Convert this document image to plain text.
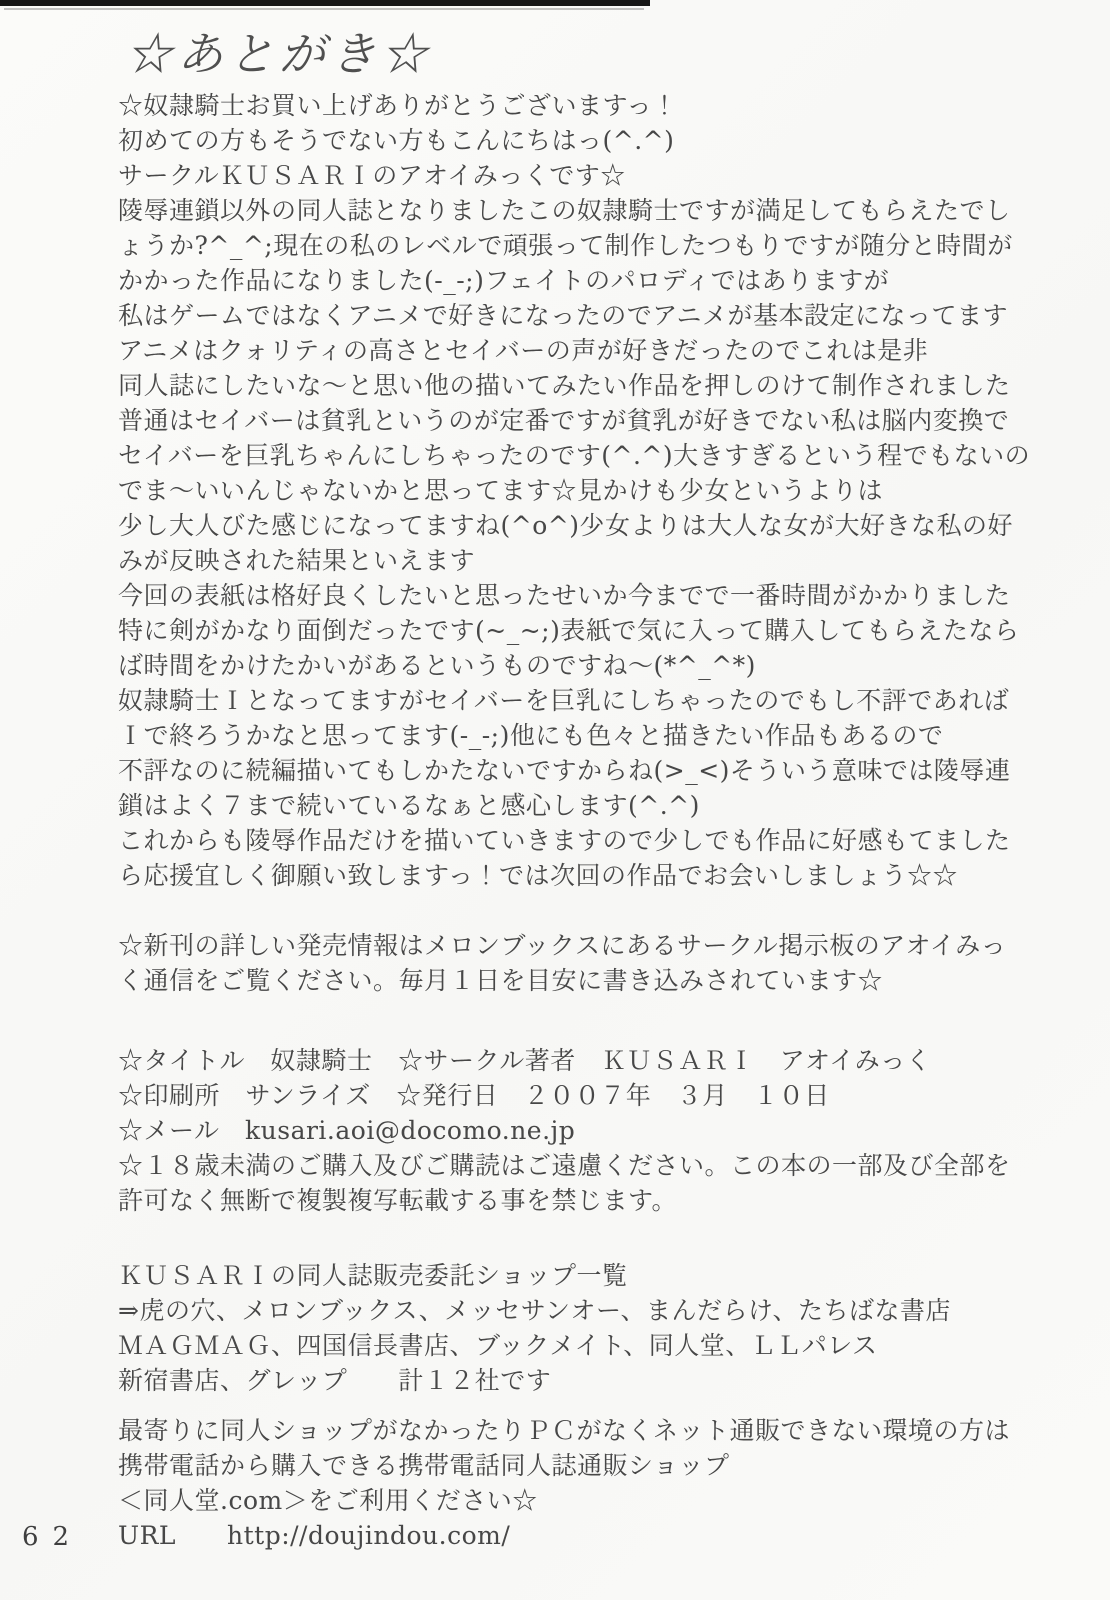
☆あとがき☆
☆奴隷騎士お買い上げありがとうございますっ！
初めての方もそうでない方もこんにちはっ(^.^)
サークルＫＵＳＡＲＩのアオイみっくです☆
陵辱連鎖以外の同人誌となりましたこの奴隷騎士ですが満足してもらえたでし
ょうか?^_^;現在の私のレベルで頑張って制作したつもりですが随分と時間が
かかった作品になりました(-_-;)フェイトのパロディではありますが
私はゲームではなくアニメで好きになったのでアニメが基本設定になってます
アニメはクォリティの高さとセイバーの声が好きだったのでこれは是非
同人誌にしたいな～と思い他の描いてみたい作品を押しのけて制作されました
普通はセイバーは貧乳というのが定番ですが貧乳が好きでない私は脳内変換で
セイバーを巨乳ちゃんにしちゃったのです(^.^)大きすぎるという程でもないの
でま～いいんじゃないかと思ってます☆見かけも少女というよりは
少し大人びた感じになってますね(^o^)少女よりは大人な女が大好きな私の好
みが反映された結果といえます
今回の表紙は格好良くしたいと思ったせいか今までで一番時間がかかりました
特に剣がかなり面倒だったです(~_~;)表紙で気に入って購入してもらえたなら
ば時間をかけたかいがあるというものですね～(*^_^*)
奴隷騎士Ｉとなってますがセイバーを巨乳にしちゃったのでもし不評であれば
Ｉで終ろうかなと思ってます(-_-;)他にも色々と描きたい作品もあるので
不評なのに続編描いてもしかたないですからね(>_<)そういう意味では陵辱連
鎖はよく７まで続いているなぁと感心します(^.^)
これからも陵辱作品だけを描いていきますので少しでも作品に好感もてました
ら応援宜しく御願い致しますっ！では次回の作品でお会いしましょう☆☆
☆新刊の詳しい発売情報はメロンブックスにあるサークル掲示板のアオイみっ
く通信をご覧ください。毎月１日を目安に書き込みされています☆
☆タイトル　奴隷騎士　☆サークル著者　ＫＵＳＡＲＩ　アオイみっく
☆印刷所　サンライズ　☆発行日　２００７年　３月　１０日
☆メール　kusari.aoi@docomo.ne.jp
☆１８歳未満のご購入及びご購読はご遠慮ください。この本の一部及び全部を
許可なく無断で複製複写転載する事を禁じます。
ＫＵＳＡＲＩの同人誌販売委託ショップ一覧
⇒虎の穴、メロンブックス、メッセサンオー、まんだらけ、たちばな書店
ＭＡＧＭＡＧ、四国信長書店、ブックメイト、同人堂、ＬＬパレス
新宿書店、グレップ　　計１２社です
最寄りに同人ショップがなかったりＰＣがなくネット通販できない環境の方は
携帯電話から購入できる携帯電話同人誌通販ショップ
＜同人堂.com＞をご利用ください☆
URL　　http://doujindou.com/
62
